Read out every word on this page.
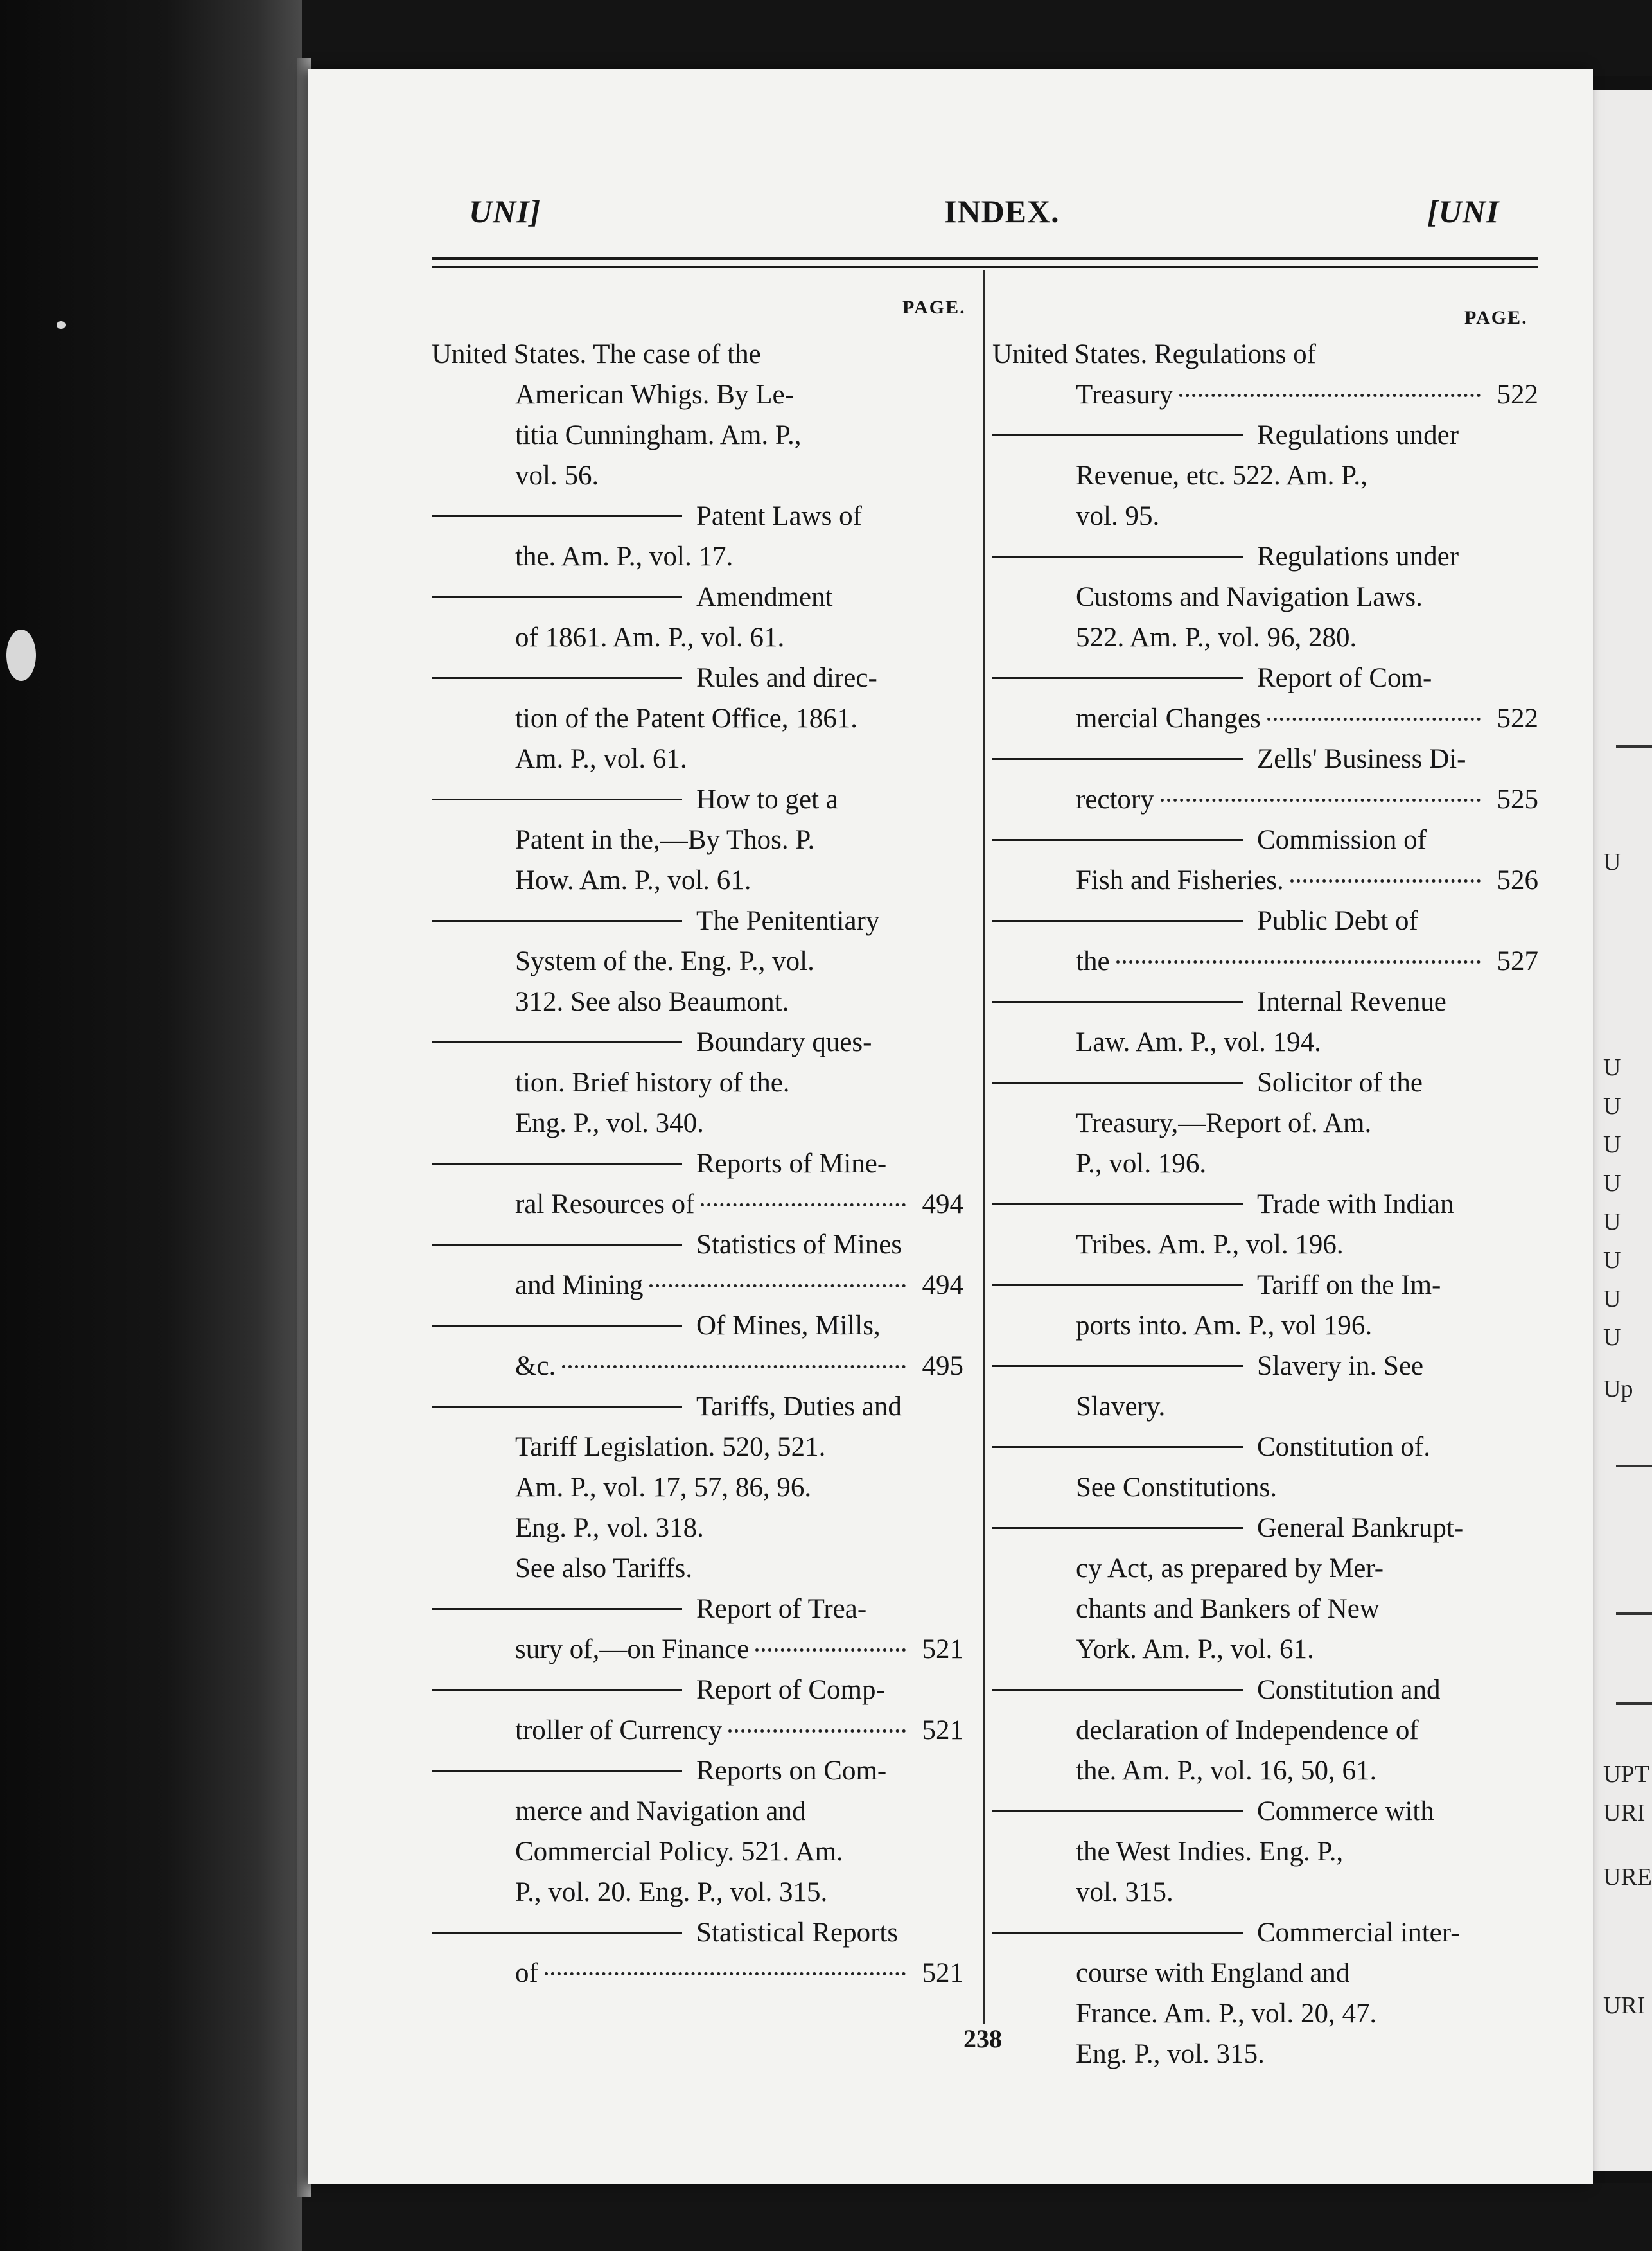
U
U
U
U
U
U
U
U
U
Up
UPT
URI
URE
URI
UNI]	INDEX.	[UNI
PAGE.	PAGE.
United States. The case of the
American Whigs. By Le-
titia Cunningham. Am. P.,
vol. 56.
Patent Laws of
the. Am. P., vol. 17.
Amendment
of 1861. Am. P., vol. 61.
Rules and direc-
tion of the Patent Office, 1861.
Am. P., vol. 61.
How to get a
Patent in the,—By Thos. P.
How. Am. P., vol. 61.
The Penitentiary
System of the. Eng. P., vol.
312. See also Beaumont.
Boundary ques-
tion. Brief history of the.
Eng. P., vol. 340.
Reports of Mine-
ral Resources of	494
Statistics of Mines
and Mining	494
Of Mines, Mills,
&c.	495
Tariffs, Duties and
Tariff Legislation. 520, 521.
Am. P., vol. 17, 57, 86, 96.
Eng. P., vol. 318.
See also Tariffs.
Report of Trea-
sury of,—on Finance	521
Report of Comp-
troller of Currency	521
Reports on Com-
merce and Navigation and
Commercial Policy. 521. Am.
P., vol. 20. Eng. P., vol. 315.
Statistical Reports
of	521
United States. Regulations of
Treasury	522
Regulations under
Revenue, etc. 522. Am. P.,
vol. 95.
Regulations under
Customs and Navigation Laws.
522. Am. P., vol. 96, 280.
Report of Com-
mercial Changes	522
Zells' Business Di-
rectory	525
Commission of
Fish and Fisheries.	526
Public Debt of
the	527
Internal Revenue
Law. Am. P., vol. 194.
Solicitor of the
Treasury,—Report of. Am.
P., vol. 196.
Trade with Indian
Tribes. Am. P., vol. 196.
Tariff on the Im-
ports into. Am. P., vol 196.
Slavery in. See
Slavery.
Constitution of.
See Constitutions.
General Bankrupt-
cy Act, as prepared by Mer-
chants and Bankers of New
York. Am. P., vol. 61.
Constitution and
declaration of Independence of
the. Am. P., vol. 16, 50, 61.
Commerce with
the West Indies. Eng. P.,
vol. 315.
Commercial inter-
course with England and
France. Am. P., vol. 20, 47.
Eng. P., vol. 315.
238
